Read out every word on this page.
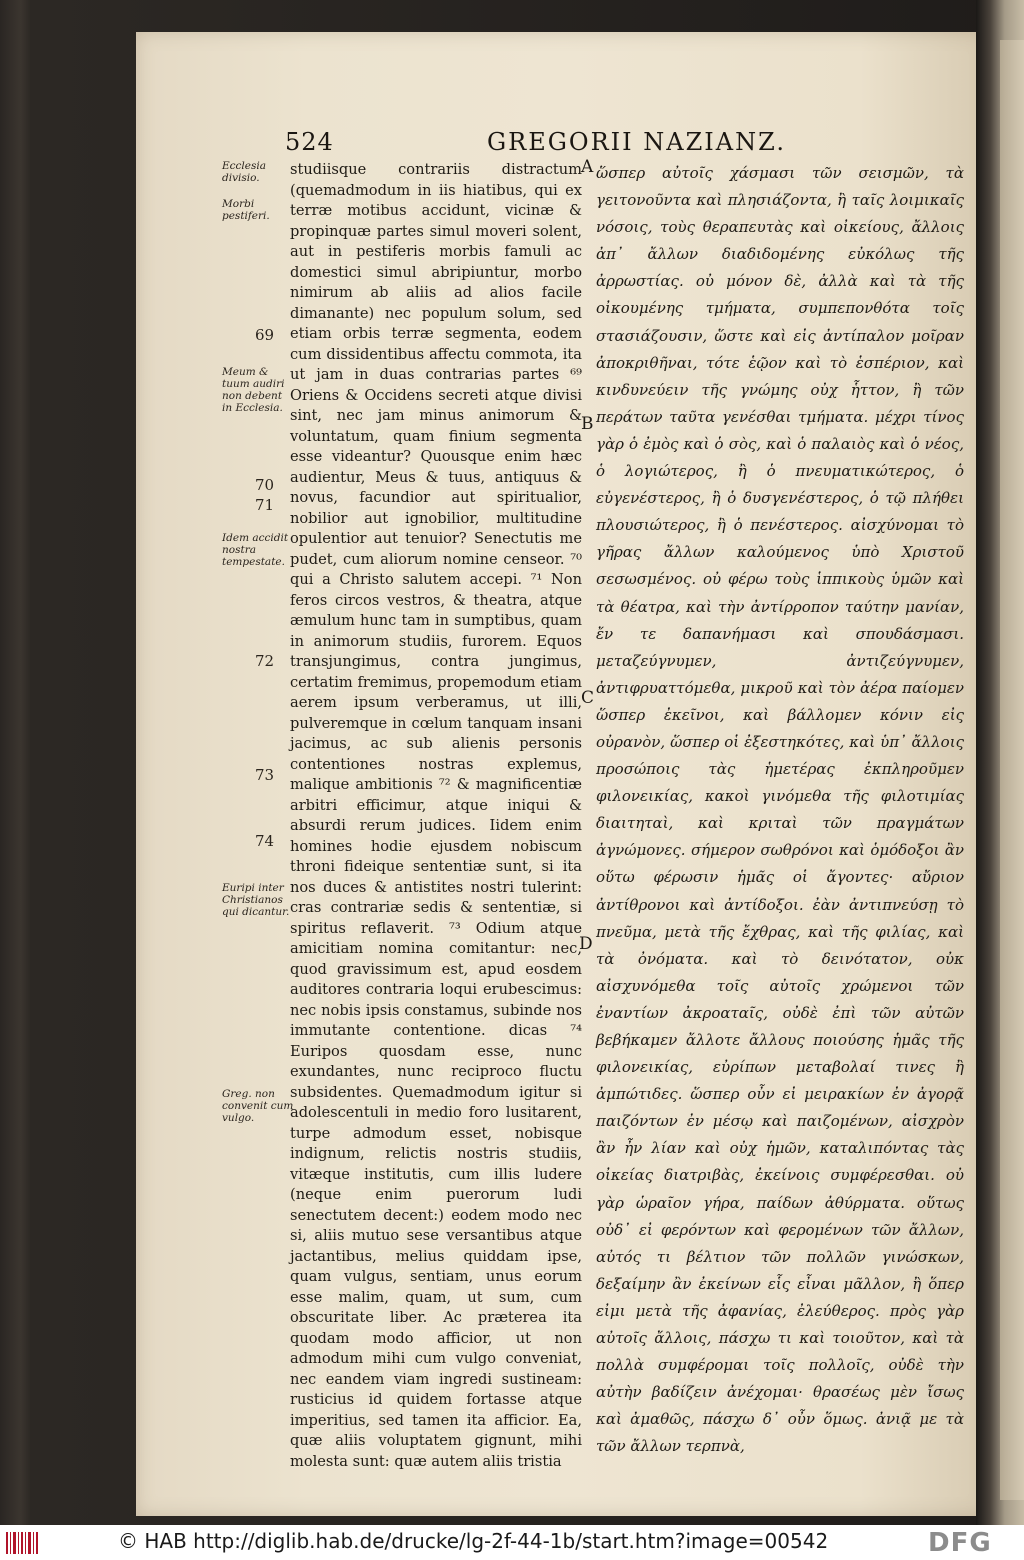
524	GREGORII NAZIANZ.
Ecclesia divisio.
Morbi pestiferi.
Meum & tuum audiri non debent in Ecclesia.
Idem accidit nostra tempestate.
Euripi inter Christianos qui dicantur.
Greg. non convenit cum vulgo.
69
70
71
72
73
74

studiisque contrariis distractum (quemadmodum in iis hiatibus, qui ex terræ motibus accidunt, vicinæ & propinquæ partes simul moveri solent, aut in pestiferis morbis famuli ac domestici simul abripiuntur, morbo nimirum ab aliis ad alios facile dimanante) nec populum solum, sed etiam orbis terræ segmenta, eodem cum dissidentibus affectu commota, ita ut jam in duas contrarias partes ⁶⁹ Oriens & Occidens secreti atque divisi sint, nec jam minus animorum & voluntatum, quam finium segmenta esse videantur? Quousque enim hæc audientur, Meus & tuus, antiquus & novus, facundior aut spiritualior, nobilior aut ignobilior, multitudine opulentior aut tenuior? Senectutis me pudet, cum aliorum nomine censeor. ⁷⁰ qui a Christo salutem accepi. ⁷¹ Non feros circos vestros, & theatra, atque æmulum hunc tam in sumptibus, quam in animorum studiis, furorem. Equos transjungimus, contra jungimus, certatim fremimus, propemodum etiam aerem ipsum verberamus, ut illi, pulveremque in cœlum tanquam insani jacimus, ac sub alienis personis contentiones nostras explemus, malique ambitionis ⁷² & magnificentiæ arbitri efficimur, atque iniqui & absurdi rerum judices. Iidem enim homines hodie ejusdem nobiscum throni fideique sententiæ sunt, si ita nos duces & antistites nostri tulerint: cras contrariæ sedis & sententiæ, si spiritus reflaverit. ⁷³ Odium atque amicitiam nomina comitantur: nec, quod gravissimum est, apud eosdem auditores contraria loqui erubescimus: nec nobis ipsis constamus, subinde nos immutante contentione. dicas ⁷⁴ Euripos quosdam esse, nunc exundantes, nunc reciproco fluctu subsidentes. Quemadmodum igitur si adolescentuli in medio foro lusitarent, turpe admodum esset, nobisque indignum, relictis nostris studiis, vitæque institutis, cum illis ludere (neque enim puerorum ludi senectutem decent:) eodem modo nec si, aliis mutuo sese versantibus atque jactantibus, melius quiddam ipse, quam vulgus, sentiam, unus eorum esse malim, quam, ut sum, cum obscuritate liber. Ac præterea ita quodam modo afficior, ut non admodum mihi cum vulgo conveniat, nec eandem viam ingredi sustineam: rusticius id quidem fortasse atque imperitius, sed tamen ita afficior. Ea, quæ aliis voluptatem gignunt, mihi molesta sunt: quæ autem aliis tristia

A
B
C
D

ὥσπερ αὐτοῖς χάσμασι τῶν σεισμῶν, τὰ γειτονοῦντα καὶ πλησιάζοντα, ἢ ταῖς λοιμικαῖς νόσοις, τοὺς θεραπευτὰς καὶ οἰκείους, ἄλλοις ἀπ᾽ ἄλλων διαδιδομένης εὐκόλως τῆς ἀρρωστίας. οὐ μόνον δὲ, ἀλλὰ καὶ τὰ τῆς οἰκουμένης τμήματα, συμπεπονθότα τοῖς στασιάζουσιν, ὥστε καὶ εἰς ἀντίπαλον μοῖραν ἀποκριθῆναι, τότε ἑῷον καὶ τὸ ἑσπέριον, καὶ κινδυνεύειν τῆς γνώμης οὐχ ἧττον, ἢ τῶν περάτων ταῦτα γενέσθαι τμήματα. μέχρι τίνος γὰρ ὁ ἐμὸς καὶ ὁ σὸς, καὶ ὁ παλαιὸς καὶ ὁ νέος, ὁ λογιώτερος, ἢ ὁ πνευματικώτερος, ὁ εὐγενέστερος, ἢ ὁ δυσγενέστερος, ὁ τῷ πλήθει πλουσιώτερος, ἢ ὁ πενέστερος. αἰσχύνομαι τὸ γῆρας ἄλλων καλούμενος ὑπὸ Χριστοῦ σεσωσμένος. οὐ φέρω τοὺς ἱππικοὺς ὑμῶν καὶ τὰ θέατρα, καὶ τὴν ἀντίρροπον ταύτην μανίαν, ἔν τε δαπανήμασι καὶ σπουδάσμασι. μεταζεύγνυμεν, ἀντιζεύγνυμεν, ἀντιφρυαττόμεθα, μικροῦ καὶ τὸν ἀέρα παίομεν ὥσπερ ἐκεῖνοι, καὶ βάλλομεν κόνιν εἰς οὐρανὸν, ὥσπερ οἱ ἐξεστηκότες, καὶ ὑπ᾽ ἄλλοις προσώποις τὰς ἡμετέρας ἐκπληροῦμεν φιλονεικίας, κακοὶ γινόμεθα τῆς φιλοτιμίας διαιτηταὶ, καὶ κριταὶ τῶν πραγμάτων ἀγνώμονες. σήμερον σωθρόνοι καὶ ὁμόδοξοι ἂν οὕτω φέρωσιν ἡμᾶς οἱ ἄγοντες· αὔριον ἀντίθρονοι καὶ ἀντίδοξοι. ἐὰν ἀντιπνεύσῃ τὸ πνεῦμα, μετὰ τῆς ἔχθρας, καὶ τῆς φιλίας, καὶ τὰ ὀνόματα. καὶ τὸ δεινότατον, οὐκ αἰσχυνόμεθα τοῖς αὐτοῖς χρώμενοι τῶν ἐναντίων ἀκροαταῖς, οὐδὲ ἐπὶ τῶν αὐτῶν βεβήκαμεν ἄλλοτε ἄλλους ποιούσης ἡμᾶς τῆς φιλονεικίας, εὐρίπων μεταβολαί τινες ἢ ἀμπώτιδες. ὥσπερ οὖν εἰ μειρακίων ἐν ἀγορᾷ παιζόντων ἐν μέσῳ καὶ παιζομένων, αἰσχρὸν ἂν ἦν λίαν καὶ οὐχ ἡμῶν, καταλιπόντας τὰς οἰκείας διατριβὰς, ἐκείνοις συμφέρεσθαι. οὐ γὰρ ὡραῖον γήρα, παίδων ἀθύρματα. οὕτως οὐδ᾽ εἰ φερόντων καὶ φερομένων τῶν ἄλλων, αὐτός τι βέλτιον τῶν πολλῶν γινώσκων, δεξαίμην ἂν ἐκείνων εἷς εἶναι μᾶλλον, ἢ ὅπερ εἰμι μετὰ τῆς ἀφανίας, ἐλεύθερος. πρὸς γὰρ αὐτοῖς ἄλλοις, πάσχω τι καὶ τοιοῦτον, καὶ τὰ πολλὰ συμφέρομαι τοῖς πολλοῖς, οὐδὲ τὴν αὐτὴν βαδίζειν ἀνέχομαι· θρασέως μὲν ἴσως καὶ ἀμαθῶς, πάσχω δ᾽ οὖν ὅμως. ἀνιᾷ με τὰ τῶν ἄλλων τερπνὰ,

© HAB http://diglib.hab.de/drucke/lg-2f-44-1b/start.htm?image=00542	DFG
